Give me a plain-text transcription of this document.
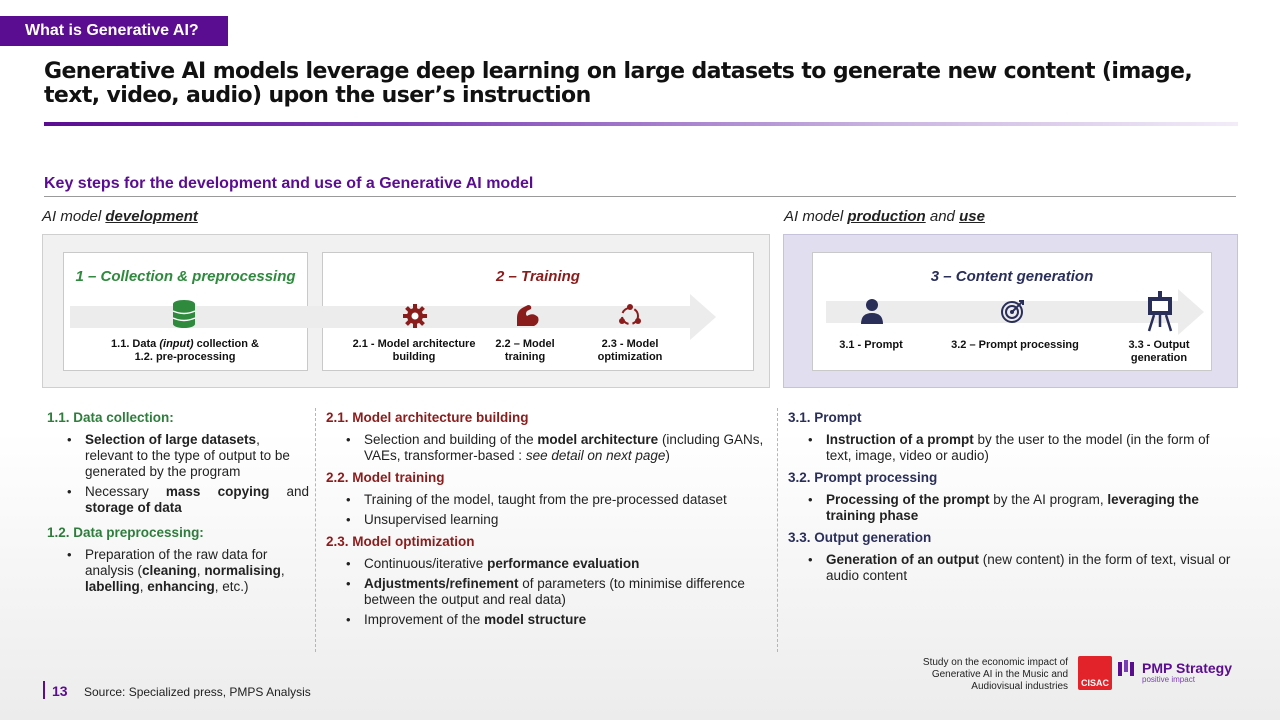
What is Generative AI?
Generative AI models leverage deep learning on large datasets to generate new content (image, text, video, audio) upon the user’s instruction
Key steps for the development and use of a Generative AI model
AI model development	AI model production and use
1 – Collection & preprocessing	2 – Training
1.1. Data (input) collection &
1.2. pre-processing
2.1 - Model architecture building
2.2 – Model training
2.3 - Model optimization
3 – Content generation
3.1 - Prompt	3.2 – Prompt processing	3.3 - Output generation
1.1. Data collection:
• Selection of large datasets, relevant to the type of output to be generated by the program
• Necessary mass copying and storage of data
1.2. Data preprocessing:
• Preparation of the raw data for analysis (cleaning, normalising, labelling, enhancing, etc.)
2.1. Model architecture building
• Selection and building of the model architecture (including GANs, VAEs, transformer-based : see detail on next page)
2.2. Model training
• Training of the model, taught from the pre-processed dataset
• Unsupervised learning
2.3. Model optimization
• Continuous/iterative performance evaluation
• Adjustments/refinement of parameters (to minimise difference between the output and real data)
• Improvement of the model structure
3.1. Prompt
• Instruction of a prompt by the user to the model (in the form of text, image, video or audio)
3.2. Prompt processing
• Processing of the prompt by the AI program, leveraging the training phase
3.3. Output generation
• Generation of an output (new content) in the form of text, visual or audio content
13 Source: Specialized press, PMPS Analysis
Study on the economic impact of Generative AI in the Music and Audiovisual industries	CISAC
PMP Strategy
positive impact
